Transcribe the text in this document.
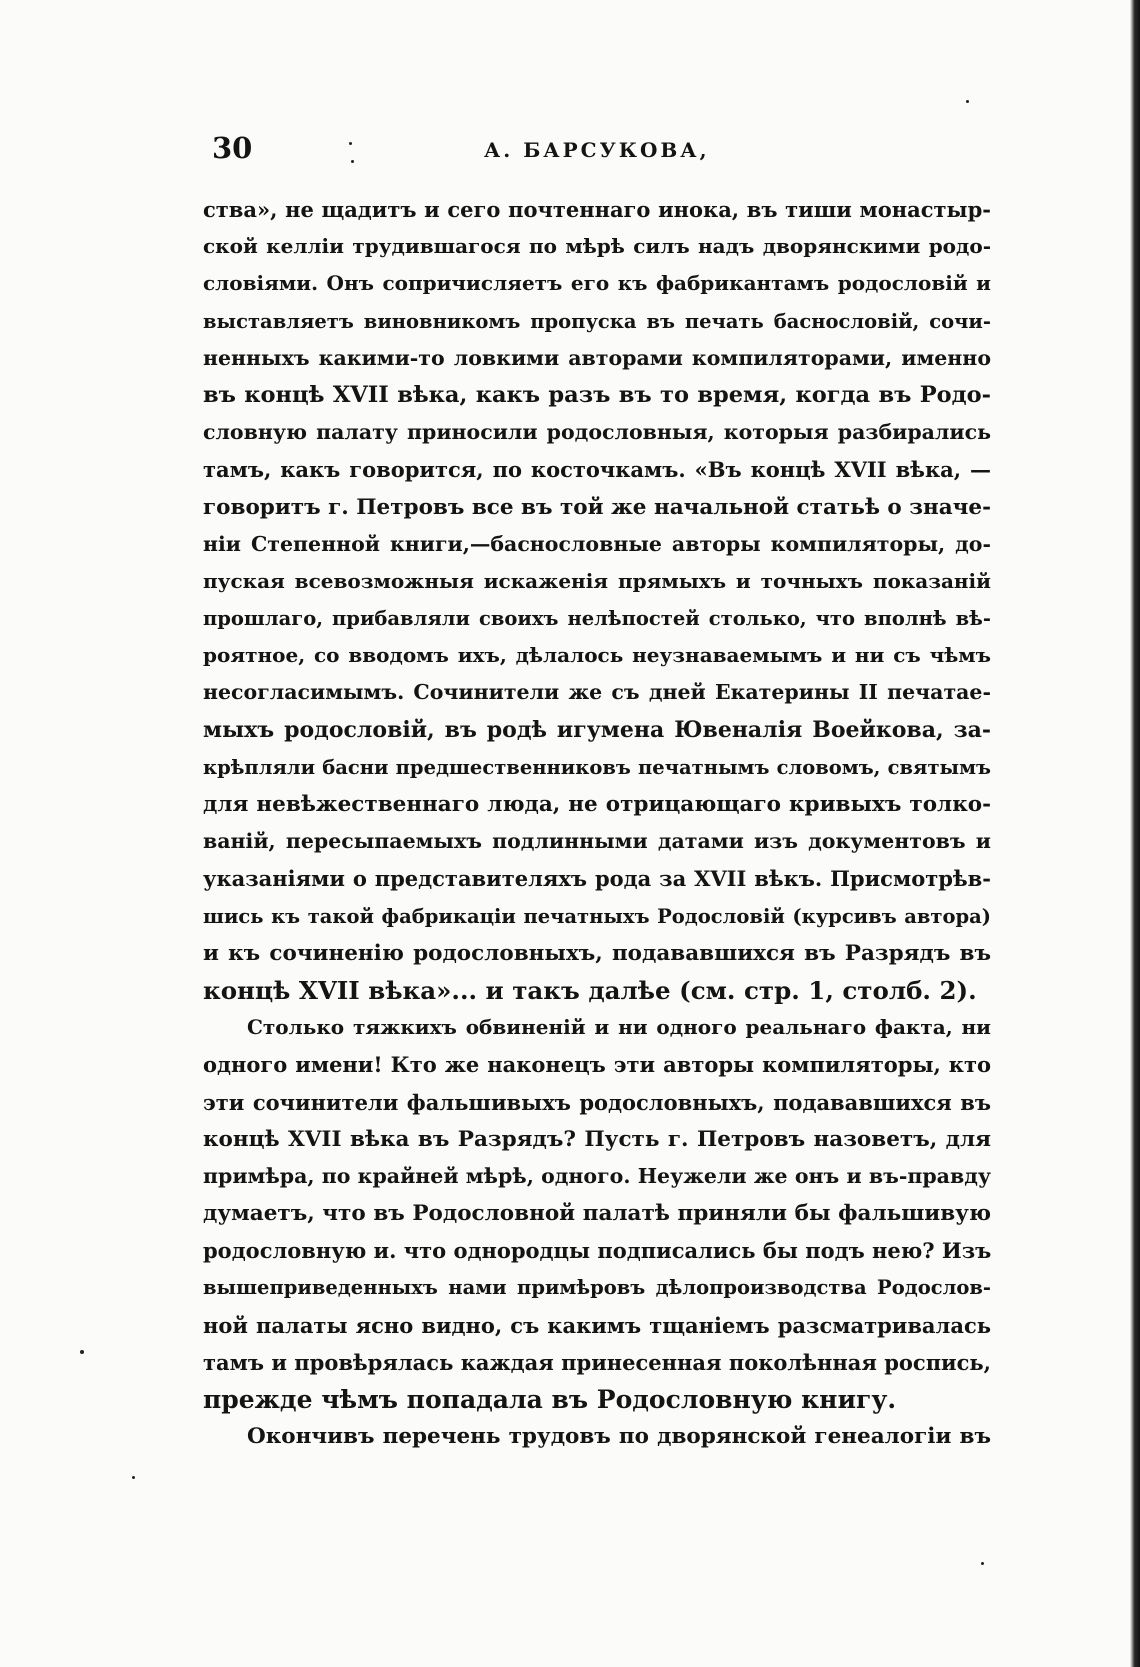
30	А. БАРСУКОВА,
ства», не щадитъ и сего почтеннаго инока, въ тиши монастыр-
ской келліи трудившагося по мѣрѣ силъ надъ дворянскими родо-
словіями. Онъ сопричисляетъ его къ фабрикантамъ родословій и
выставляетъ виновникомъ пропуска въ печать баснословій, сочи-
ненныхъ какими-то ловкими авторами компиляторами, именно
въ концѣ XVII вѣка, какъ разъ въ то время, когда въ Родо-
словную палату приносили родословныя, которыя разбирались
тамъ, какъ говорится, по косточкамъ. «Въ концѣ XVII вѣка, —
говоритъ г. Петровъ все въ той же начальной статьѣ о значе-
ніи Степенной книги,—баснословные авторы компиляторы, до-
пуская всевозможныя искаженія прямыхъ и точныхъ показаній
прошлаго, прибавляли своихъ нелѣпостей столько, что вполнѣ вѣ-
роятное, со вводомъ ихъ, дѣлалось неузнаваемымъ и ни съ чѣмъ
несогласимымъ. Сочинители же съ дней Екатерины II печатае-
мыхъ родословій, въ родѣ игумена Ювеналія Воейкова, за-
крѣпляли басни предшественниковъ печатнымъ словомъ, святымъ
для невѣжественнаго люда, не отрицающаго кривыхъ толко-
ваній, пересыпаемыхъ подлинными датами изъ документовъ и
указаніями о представителяхъ рода за XVII вѣкъ. Присмотрѣв-
шись къ такой фабрикаціи печатныхъ Родословій (курсивъ автора)
и къ сочиненію родословныхъ, подававшихся въ Разрядъ въ
концѣ XVII вѣка»... и такъ далѣе (см. стр. 1, столб. 2).
Столько тяжкихъ обвиненій и ни одного реальнаго факта, ни
одного имени! Кто же наконецъ эти авторы компиляторы, кто
эти сочинители фальшивыхъ родословныхъ, подававшихся въ
концѣ XVII вѣка въ Разрядъ? Пусть г. Петровъ назоветъ, для
примѣра, по крайней мѣрѣ, одного. Неужели же онъ и въ-правду
думаетъ, что въ Родословной палатѣ приняли бы фальшивую
родословную и. что однородцы подписались бы подъ нею? Изъ
вышеприведенныхъ нами примѣровъ дѣлопроизводства Родослов-
ной палаты ясно видно, съ какимъ тщаніемъ разсматривалась
тамъ и провѣрялась каждая принесенная поколѣнная роспись,
прежде чѣмъ попадала въ Родословную книгу.
Окончивъ перечень трудовъ по дворянской генеалогіи въ
